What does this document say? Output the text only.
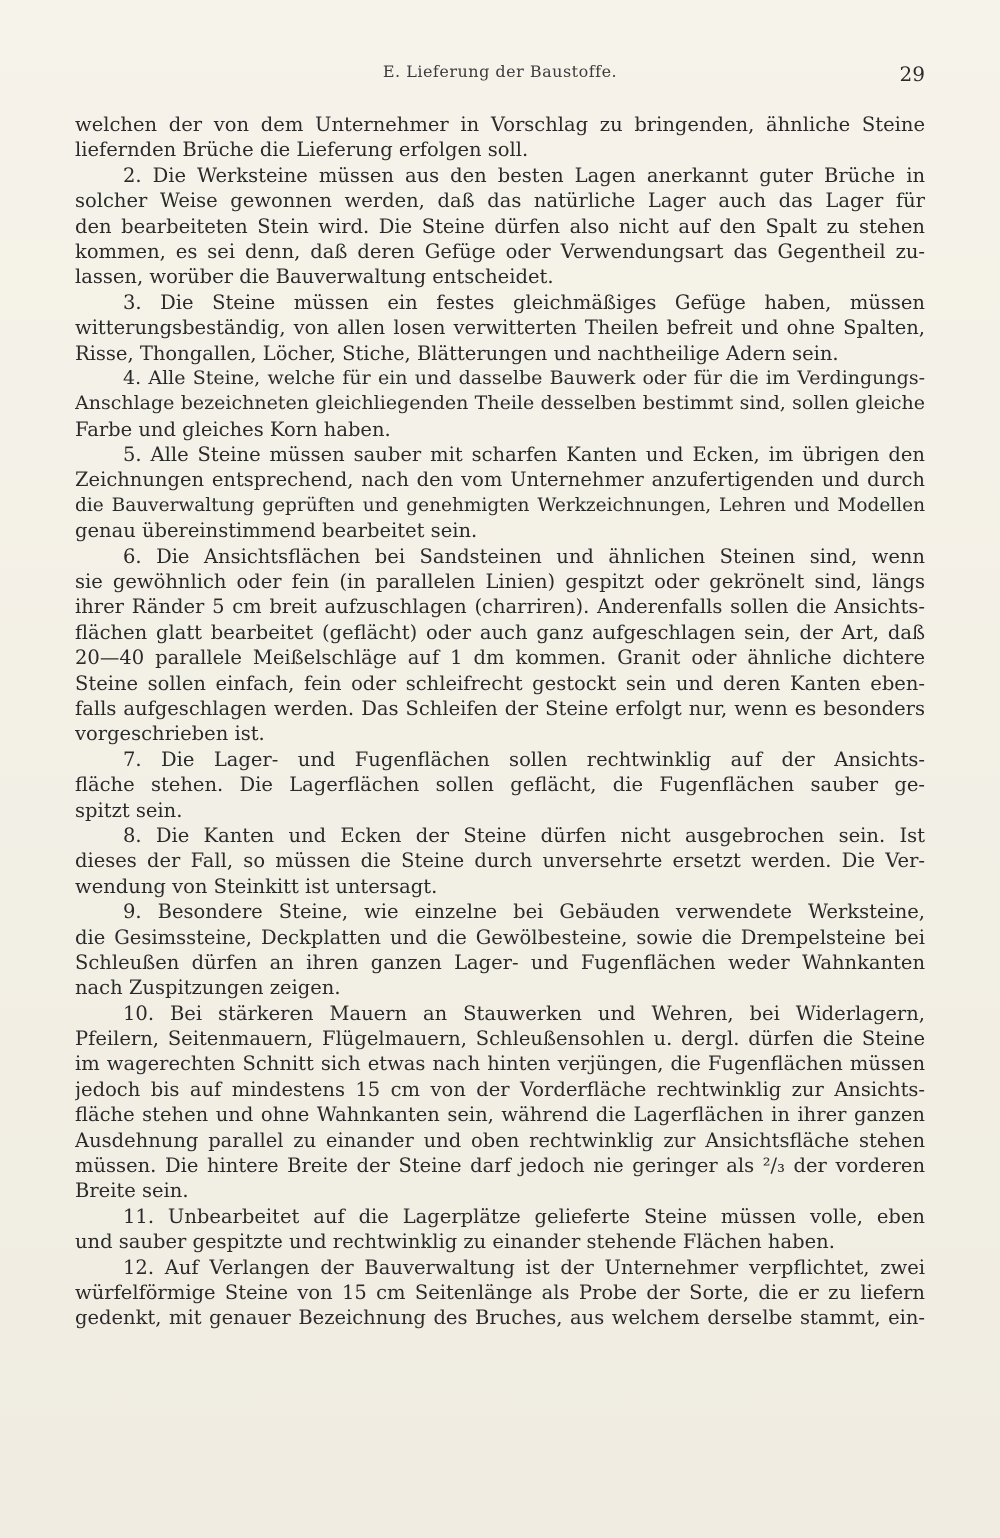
E. Lieferung der Baustoffe.	29
welchen der von dem Unternehmer in Vorschlag zu bringenden, ähnliche Steine
liefernden Brüche die Lieferung erfolgen soll.
2. Die Werksteine müssen aus den besten Lagen anerkannt guter Brüche in
solcher Weise gewonnen werden, daß das natürliche Lager auch das Lager für
den bearbeiteten Stein wird. Die Steine dürfen also nicht auf den Spalt zu stehen
kommen, es sei denn, daß deren Gefüge oder Verwendungsart das Gegentheil zu-
lassen, worüber die Bauverwaltung entscheidet.
3. Die Steine müssen ein festes gleichmäßiges Gefüge haben, müssen
witterungsbeständig, von allen losen verwitterten Theilen befreit und ohne Spalten,
Risse, Thongallen, Löcher, Stiche, Blätterungen und nachtheilige Adern sein.
4. Alle Steine, welche für ein und dasselbe Bauwerk oder für die im Verdingungs-
Anschlage bezeichneten gleichliegenden Theile desselben bestimmt sind, sollen gleiche
Farbe und gleiches Korn haben.
5. Alle Steine müssen sauber mit scharfen Kanten und Ecken, im übrigen den
Zeichnungen entsprechend, nach den vom Unternehmer anzufertigenden und durch
die Bauverwaltung geprüften und genehmigten Werkzeichnungen, Lehren und Modellen
genau übereinstimmend bearbeitet sein.
6. Die Ansichtsflächen bei Sandsteinen und ähnlichen Steinen sind, wenn
sie gewöhnlich oder fein (in parallelen Linien) gespitzt oder gekrönelt sind, längs
ihrer Ränder 5 cm breit aufzuschlagen (charriren). Anderenfalls sollen die Ansichts-
flächen glatt bearbeitet (geflächt) oder auch ganz aufgeschlagen sein, der Art, daß
20—40 parallele Meißelschläge auf 1 dm kommen. Granit oder ähnliche dichtere
Steine sollen einfach, fein oder schleifrecht gestockt sein und deren Kanten eben-
falls aufgeschlagen werden. Das Schleifen der Steine erfolgt nur, wenn es besonders
vorgeschrieben ist.
7. Die Lager- und Fugenflächen sollen rechtwinklig auf der Ansichts-
fläche stehen. Die Lagerflächen sollen geflächt, die Fugenflächen sauber ge-
spitzt sein.
8. Die Kanten und Ecken der Steine dürfen nicht ausgebrochen sein. Ist
dieses der Fall, so müssen die Steine durch unversehrte ersetzt werden. Die Ver-
wendung von Steinkitt ist untersagt.
9. Besondere Steine, wie einzelne bei Gebäuden verwendete Werksteine,
die Gesimssteine, Deckplatten und die Gewölbesteine, sowie die Drempelsteine bei
Schleußen dürfen an ihren ganzen Lager- und Fugenflächen weder Wahnkanten
nach Zuspitzungen zeigen.
10. Bei stärkeren Mauern an Stauwerken und Wehren, bei Widerlagern,
Pfeilern, Seitenmauern, Flügelmauern, Schleußensohlen u. dergl. dürfen die Steine
im wagerechten Schnitt sich etwas nach hinten verjüngen, die Fugenflächen müssen
jedoch bis auf mindestens 15 cm von der Vorderfläche rechtwinklig zur Ansichts-
fläche stehen und ohne Wahnkanten sein, während die Lagerflächen in ihrer ganzen
Ausdehnung parallel zu einander und oben rechtwinklig zur Ansichtsfläche stehen
müssen. Die hintere Breite der Steine darf jedoch nie geringer als ²/₃ der vorderen
Breite sein.
11. Unbearbeitet auf die Lagerplätze gelieferte Steine müssen volle, eben
und sauber gespitzte und rechtwinklig zu einander stehende Flächen haben.
12. Auf Verlangen der Bauverwaltung ist der Unternehmer verpflichtet, zwei
würfelförmige Steine von 15 cm Seitenlänge als Probe der Sorte, die er zu liefern
gedenkt, mit genauer Bezeichnung des Bruches, aus welchem derselbe stammt, ein-
